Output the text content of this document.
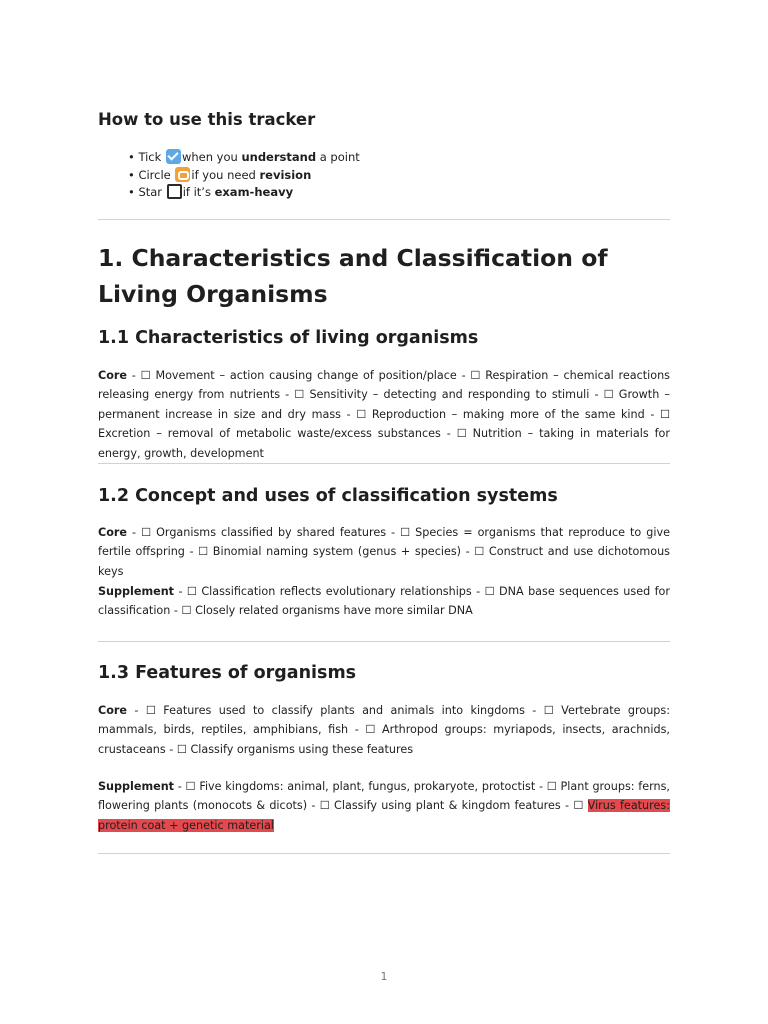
How to use this tracker
• Tick when you understand a point
• Circle if you need revision
• Star if it’s exam-heavy
1. Characteristics and Classification of Living Organisms
1.1 Characteristics of living organisms

Core - ☐ Movement – action causing change of position/place - ☐ Respiration – chemical reactions releasing energy from nutrients - ☐ Sensitivity – detecting and responding to stimuli - ☐ Growth – permanent increase in size and dry mass - ☐ Reproduction – making more of the same kind - ☐ Excretion – removal of metabolic waste/excess substances - ☐ Nutrition – taking in materials for energy, growth, development

1.2 Concept and uses of classification systems

Core - ☐ Organisms classified by shared features - ☐ Species = organisms that reproduce to give fertile offspring - ☐ Binomial naming system (genus + species) - ☐ Construct and use dichotomous keys

Supplement - ☐ Classification reflects evolutionary relationships - ☐ DNA base sequences used for classification - ☐ Closely related organisms have more similar DNA

1.3 Features of organisms

Core - ☐ Features used to classify plants and animals into kingdoms - ☐ Vertebrate groups: mammals, birds, reptiles, amphibians, fish - ☐ Arthropod groups: myriapods, insects, arachnids, crustaceans - ☐ Classify organisms using these features

Supplement - ☐ Five kingdoms: animal, plant, fungus, prokaryote, protoctist - ☐ Plant groups: ferns, flowering plants (monocots & dicots) - ☐ Classify using plant & kingdom features - ☐ Virus features: protein coat + genetic material

1
